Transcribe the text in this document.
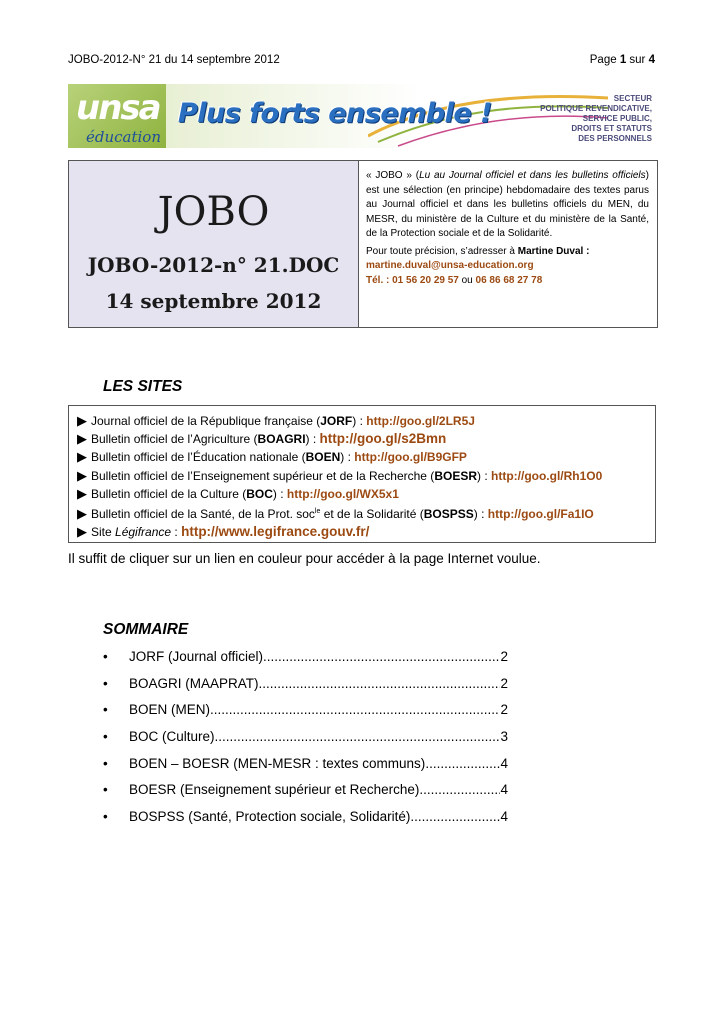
JOBO-2012-N° 21 du 14 septembre 2012	Page 1 sur 4
unsa
éducation
Plus forts ensemble !	SECTEUR
POLITIQUE REVENDICATIVE,
SERVICE PUBLIC,
DROITS ET STATUTS
DES PERSONNELS
JOBO
JOBO-2012-n° 21.DOC
14 septembre 2012

« JOBO » (Lu au Journal officiel et dans les bulletins officiels) est une sélection (en principe) hebdomadaire des textes parus au Journal officiel et dans les bulletins officiels du MEN, du MESR, du ministère de la Culture et du ministère de la Santé, de la Protection sociale et de la Solidarité.

Pour toute précision, s’adresser à Martine Duval :

martine.duval@unsa-education.org

Tél. : 01 56 20 29 57 ou 06 86 68 27 78

LES SITES
▶ Journal officiel de la République française (JORF) : http://goo.gl/2LR5J
▶ Bulletin officiel de l’Agriculture (BOAGRI) : http://goo.gl/s2Bmn
▶ Bulletin officiel de l’Éducation nationale (BOEN) : http://goo.gl/B9GFP
▶ Bulletin officiel de l’Enseignement supérieur et de la Recherche (BOESR) : http://goo.gl/Rh1O0
▶ Bulletin officiel de la Culture (BOC) : http://goo.gl/WX5x1
▶ Bulletin officiel de la Santé, de la Prot. soc$^{le}$ et de la Solidarité (BOSPSS) : http://goo.gl/Fa1IO
▶ Site Légifrance : http://www.legifrance.gouv.fr/
Il suffit de cliquer sur un lien en couleur pour accéder à la page Internet voulue.
SOMMAIRE
• JORF (Journal officiel) .....	2
• BOAGRI (MAAPRAT) .....	2
• BOEN (MEN) .....	2
• BOC (Culture) .....	3
• BOEN – BOESR (MEN-MESR : textes communs) .....	4
• BOESR (Enseignement supérieur et Recherche) .....	4
• BOSPSS (Santé, Protection sociale, Solidarité) .....	4
